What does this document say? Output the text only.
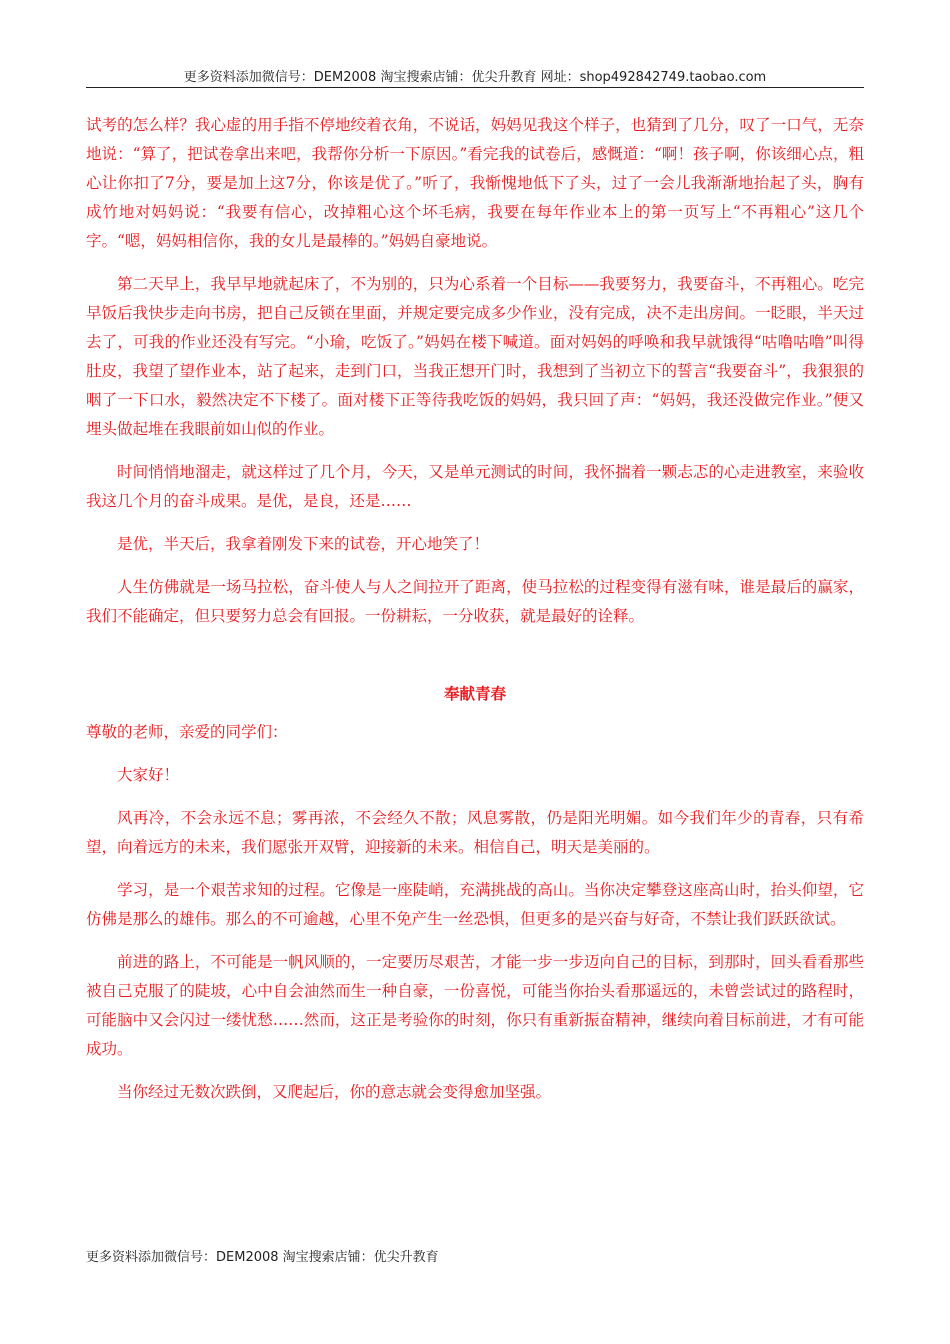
更多资料添加微信号：DEM2008 淘宝搜索店铺：优尖升教育 网址：shop492842749.taobao.com

试考的怎么样？我心虚的用手指不停地绞着衣角，不说话，妈妈见我这个样子，也猜到了几分，叹了一口气，无奈地说：“算了，把试卷拿出来吧，我帮你分析一下原因。”看完我的试卷后，感慨道：“啊！孩子啊，你该细心点，粗心让你扣了7分，要是加上这7分，你该是优了。”听了，我惭愧地低下了头，过了一会儿我渐渐地抬起了头，胸有成竹地对妈妈说：“我要有信心，改掉粗心这个坏毛病，我要在每年作业本上的第一页写上“不再粗心”这几个字。“嗯，妈妈相信你，我的女儿是最棒的。”妈妈自豪地说。

第二天早上，我早早地就起床了，不为别的，只为心系着一个目标——我要努力，我要奋斗，不再粗心。吃完早饭后我快步走向书房，把自己反锁在里面，并规定要完成多少作业，没有完成，决不走出房间。一眨眼，半天过去了，可我的作业还没有写完。“小瑜，吃饭了。”妈妈在楼下喊道。面对妈妈的呼唤和我早就饿得“咕噜咕噜”叫得肚皮，我望了望作业本，站了起来，走到门口，当我正想开门时，我想到了当初立下的誓言“我要奋斗”，我狠狠的咽了一下口水，毅然决定不下楼了。面对楼下正等待我吃饭的妈妈，我只回了声：“妈妈，我还没做完作业。”便又埋头做起堆在我眼前如山似的作业。

时间悄悄地溜走，就这样过了几个月，今天，又是单元测试的时间，我怀揣着一颗忐忑的心走进教室，来验收我这几个月的奋斗成果。是优，是良，还是……

是优，半天后，我拿着刚发下来的试卷，开心地笑了！

人生仿佛就是一场马拉松，奋斗使人与人之间拉开了距离，使马拉松的过程变得有滋有味，谁是最后的赢家，我们不能确定，但只要努力总会有回报。一份耕耘，一分收获，就是最好的诠释。

奉献青春

尊敬的老师，亲爱的同学们：

大家好！

风再冷，不会永远不息；雾再浓，不会经久不散；风息雾散，仍是阳光明媚。如今我们年少的青春，只有希望，向着远方的未来，我们愿张开双臂，迎接新的未来。相信自己，明天是美丽的。

学习，是一个艰苦求知的过程。它像是一座陡峭，充满挑战的高山。当你决定攀登这座高山时，抬头仰望，它仿佛是那么的雄伟。那么的不可逾越，心里不免产生一丝恐惧，但更多的是兴奋与好奇，不禁让我们跃跃欲试。

前进的路上，不可能是一帆风顺的，一定要历尽艰苦，才能一步一步迈向自己的目标，到那时，回头看看那些被自己克服了的陡坡，心中自会油然而生一种自豪，一份喜悦，可能当你抬头看那遥远的，未曾尝试过的路程时，可能脑中又会闪过一缕忧愁……然而，这正是考验你的时刻，你只有重新振奋精神，继续向着目标前进，才有可能成功。

当你经过无数次跌倒，又爬起后，你的意志就会变得愈加坚强。

更多资料添加微信号：DEM2008 淘宝搜索店铺：优尖升教育
